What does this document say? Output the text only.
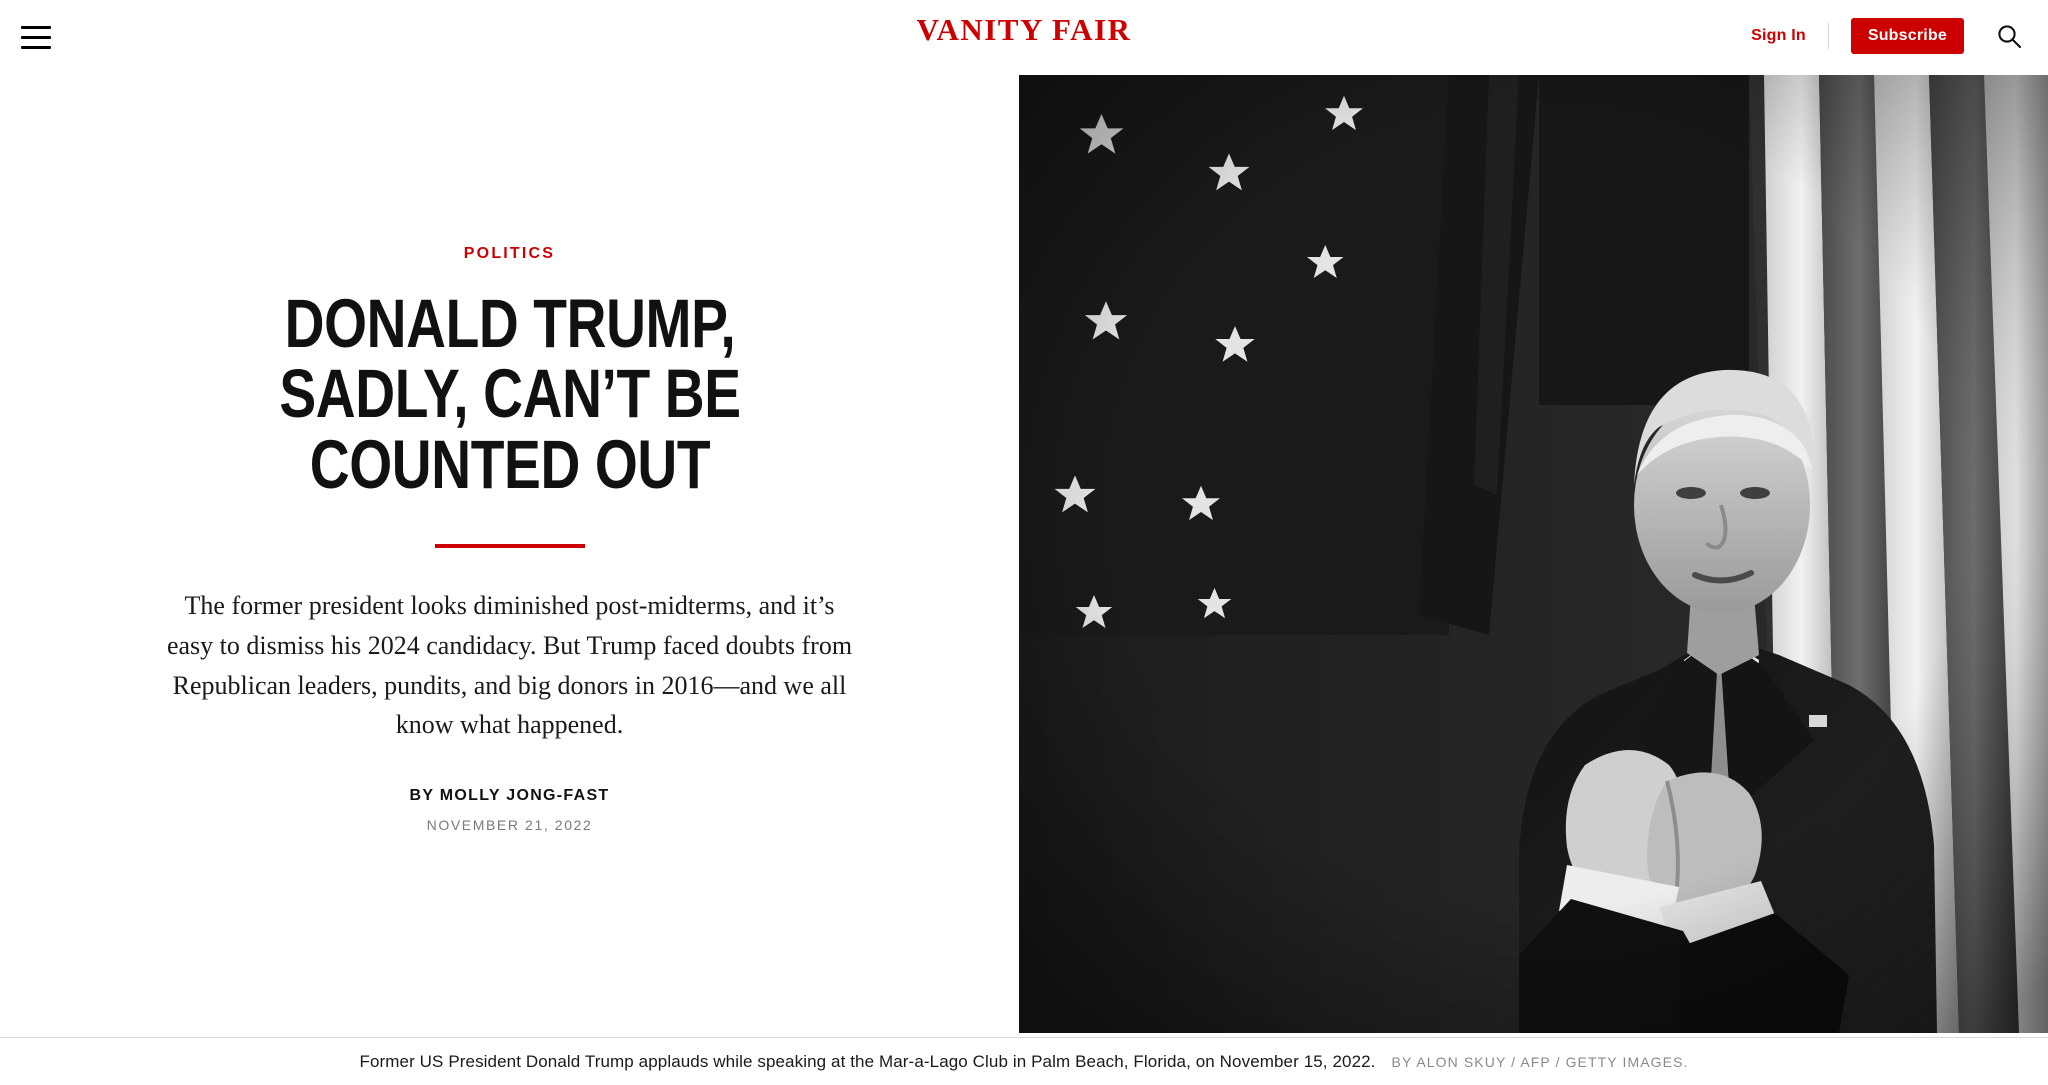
VANITY FAIR	Sign In	Subscribe
POLITICS
DONALD TRUMP, SADLY, CAN’T BE COUNTED OUT

The former president looks diminished post-midterms, and it’s easy to dismiss his 2024 candidacy. But Trump faced doubts from Republican leaders, pundits, and big donors in 2016—and we all know what happened.

BY MOLLY JONG-FAST
NOVEMBER 21, 2022
Former US President Donald Trump applauds while speaking at the Mar-a-Lago Club in Palm Beach, Florida, on November 15, 2022. BY ALON SKUY / AFP / GETTY IMAGES.
